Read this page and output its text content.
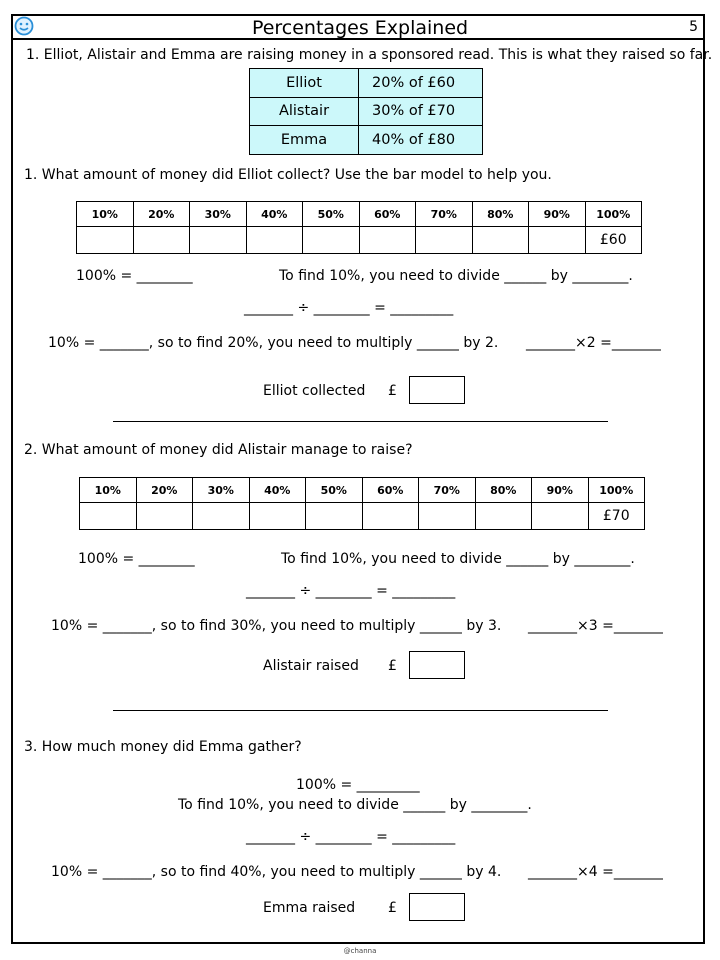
Percentages Explained	5
1. Elliot, Alistair and Emma are raising money in a sponsored read. This is what they raised so far.
Elliot	20% of £60
Alistair	30% of £70
Emma	40% of £80
1. What amount of money did Elliot collect? Use the bar model to help you.
10%	20%	30%	40%	50%	60%	70%	80%	90%	100%
									£60
100% = ________	To find 10%, you need to divide ______ by ________.
_______ ÷ ________ = _________
10% = _______, so to find 20%, you need to multiply ______ by 2. _______×2 =_______
Elliot collected £
2. What amount of money did Alistair manage to raise?
10%	20%	30%	40%	50%	60%	70%	80%	90%	100%
									£70
100% = ________	To find 10%, you need to divide ______ by ________.
_______ ÷ ________ = _________
10% = _______, so to find 30%, you need to multiply ______ by 3. _______×3 =_______
Alistair raised £
3. How much money did Emma gather?
100% = _________
To find 10%, you need to divide ______ by ________.
_______ ÷ ________ = _________
10% = _______, so to find 40%, you need to multiply ______ by 4. _______×4 =_______
Emma raised £
@channa
